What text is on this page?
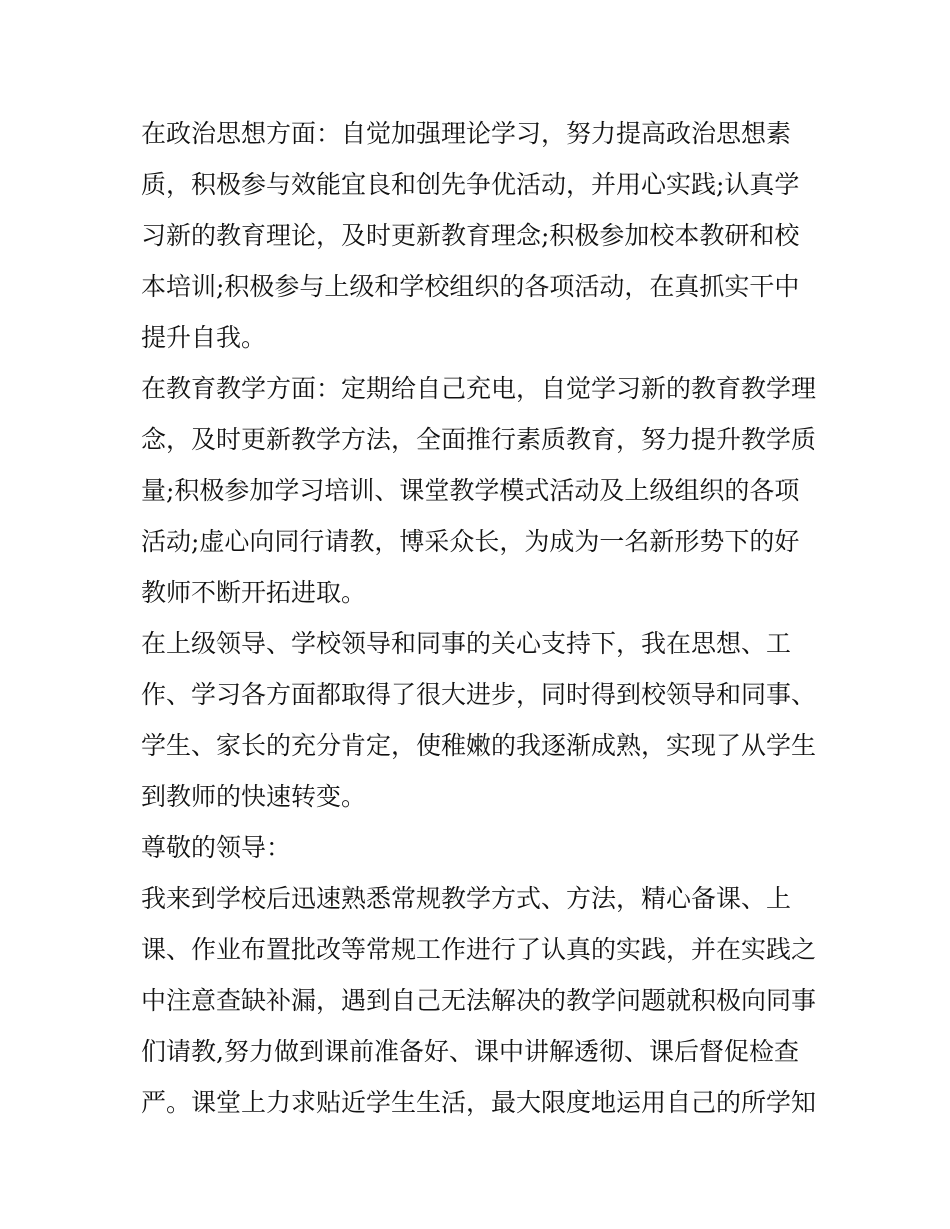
在政治思想方面：自觉加强理论学习，努力提高政治思想素
质，积极参与效能宜良和创先争优活动，并用心实践;认真学
习新的教育理论，及时更新教育理念;积极参加校本教研和校
本培训;积极参与上级和学校组织的各项活动，在真抓实干中
提升自我。
在教育教学方面：定期给自己充电，自觉学习新的教育教学理
念，及时更新教学方法，全面推行素质教育，努力提升教学质
量;积极参加学习培训、课堂教学模式活动及上级组织的各项
活动;虚心向同行请教，博采众长，为成为一名新形势下的好
教师不断开拓进取。
在上级领导、学校领导和同事的关心支持下，我在思想、工
作、学习各方面都取得了很大进步，同时得到校领导和同事、
学生、家长的充分肯定，使稚嫩的我逐渐成熟，实现了从学生
到教师的快速转变。
尊敬的领导：
我来到学校后迅速熟悉常规教学方式、方法，精心备课、上
课、作业布置批改等常规工作进行了认真的实践，并在实践之
中注意查缺补漏，遇到自己无法解决的教学问题就积极向同事
们请教,努力做到课前准备好、课中讲解透彻、课后督促检查
严。课堂上力求贴近学生生活，最大限度地运用自己的所学知
